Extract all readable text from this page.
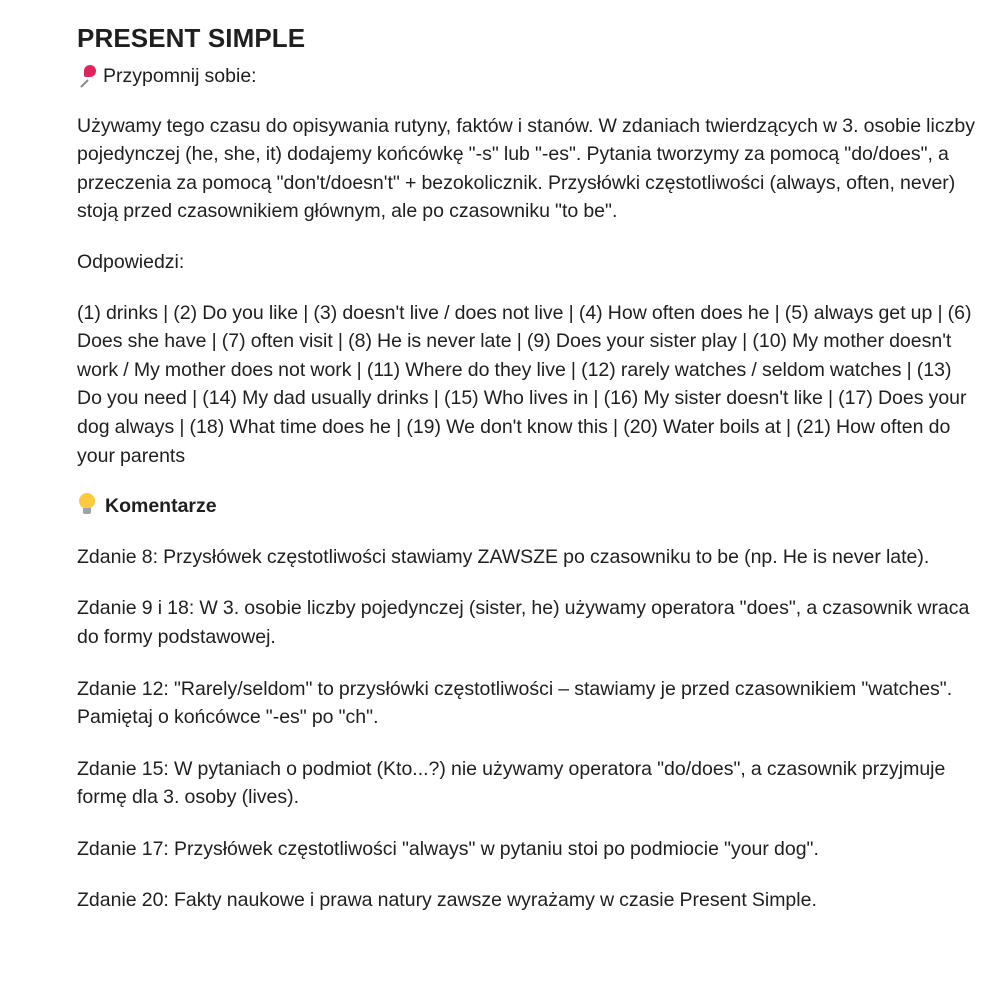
PRESENT SIMPLE

Przypomnij sobie:

Używamy tego czasu do opisywania rutyny, faktów i stanów. W zdaniach twierdzących w 3. osobie liczby pojedynczej (he, she, it) dodajemy końcówkę "-s" lub "-es". Pytania tworzymy za pomocą "do/does", a przeczenia za pomocą "don't/doesn't" + bezokolicznik. Przysłówki częstotliwości (always, often, never) stoją przed czasownikiem głównym, ale po czasowniku "to be".

Odpowiedzi:

(1) drinks | (2) Do you like | (3) doesn't live / does not live | (4) How often does he | (5) always get up | (6) Does she have | (7) often visit | (8) He is never late | (9) Does your sister play | (10) My mother doesn't work / My mother does not work | (11) Where do they live | (12) rarely watches / seldom watches | (13) Do you need | (14) My dad usually drinks | (15) Who lives in | (16) My sister doesn't like | (17) Does your dog always | (18) What time does he | (19) We don't know this | (20) Water boils at | (21) How often do your parents

Komentarze

Zdanie 8: Przysłówek częstotliwości stawiamy ZAWSZE po czasowniku to be (np. He is never late).

Zdanie 9 i 18: W 3. osobie liczby pojedynczej (sister, he) używamy operatora "does", a czasownik wraca do formy podstawowej.

Zdanie 12: "Rarely/seldom" to przysłówki częstotliwości – stawiamy je przed czasownikiem "watches". Pamiętaj o końcówce "-es" po "ch".

Zdanie 15: W pytaniach o podmiot (Kto...?) nie używamy operatora "do/does", a czasownik przyjmuje formę dla 3. osoby (lives).

Zdanie 17: Przysłówek częstotliwości "always" w pytaniu stoi po podmiocie "your dog".

Zdanie 20: Fakty naukowe i prawa natury zawsze wyrażamy w czasie Present Simple.
